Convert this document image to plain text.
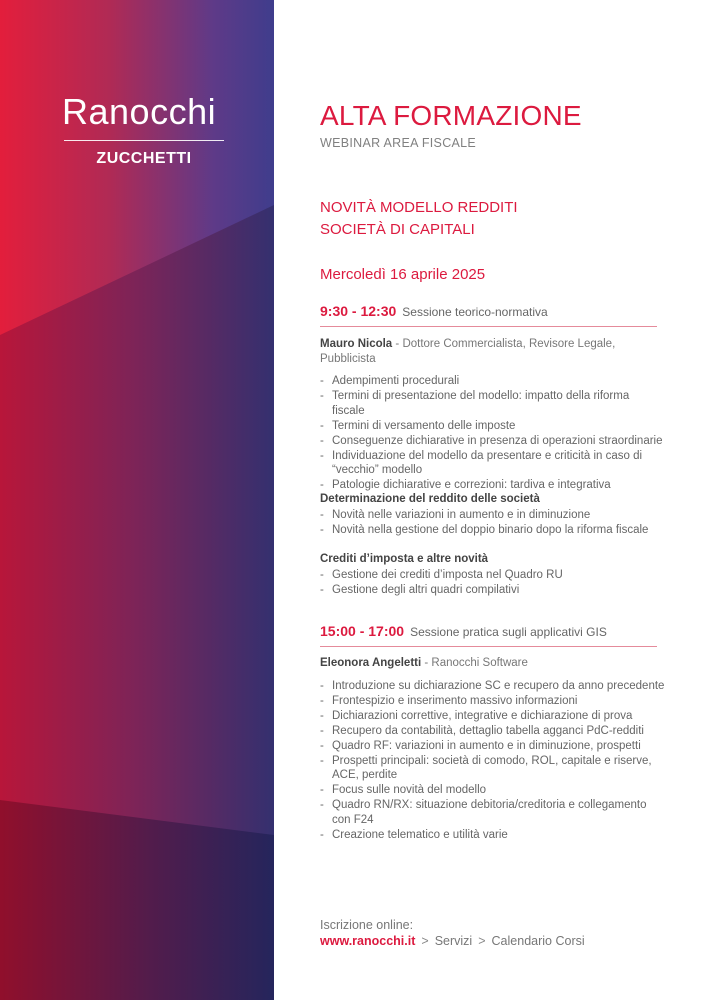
Ranocchi
ZUCCHETTI
ALTA FORMAZIONE
WEBINAR AREA FISCALE
NOVITÀ MODELLO REDDITI
SOCIETÀ DI CAPITALI
Mercoledì 16 aprile 2025
9:30 - 12:30 Sessione teorico-normativa
Mauro Nicola - Dottore Commercialista, Revisore Legale, Pubblicista
- Adempimenti procedurali
- Termini di presentazione del modello: impatto della riforma fiscale
- Termini di versamento delle imposte
- Conseguenze dichiarative in presenza di operazioni straordinarie
- Individuazione del modello da presentare e criticità in caso di “vecchio” modello
- Patologie dichiarative e correzioni: tardiva e integrativa
Determinazione del reddito delle società
- Novità nelle variazioni in aumento e in diminuzione
- Novità nella gestione del doppio binario dopo la riforma fiscale
Crediti d’imposta e altre novità
- Gestione dei crediti d’imposta nel Quadro RU
- Gestione degli altri quadri compilativi
15:00 - 17:00 Sessione pratica sugli applicativi GIS
Eleonora Angeletti - Ranocchi Software
- Introduzione su dichiarazione SC e recupero da anno precedente
- Frontespizio e inserimento massivo informazioni
- Dichiarazioni correttive, integrative e dichiarazione di prova
- Recupero da contabilità, dettaglio tabella agganci PdC-redditi
- Quadro RF: variazioni in aumento e in diminuzione, prospetti
- Prospetti principali: società di comodo, ROL, capitale e riserve, ACE, perdite
- Focus sulle novità del modello
- Quadro RN/RX: situazione debitoria/creditoria e collegamento con F24
- Creazione telematico e utilità varie
Iscrizione online:
www.ranocchi.it > Servizi > Calendario Corsi
